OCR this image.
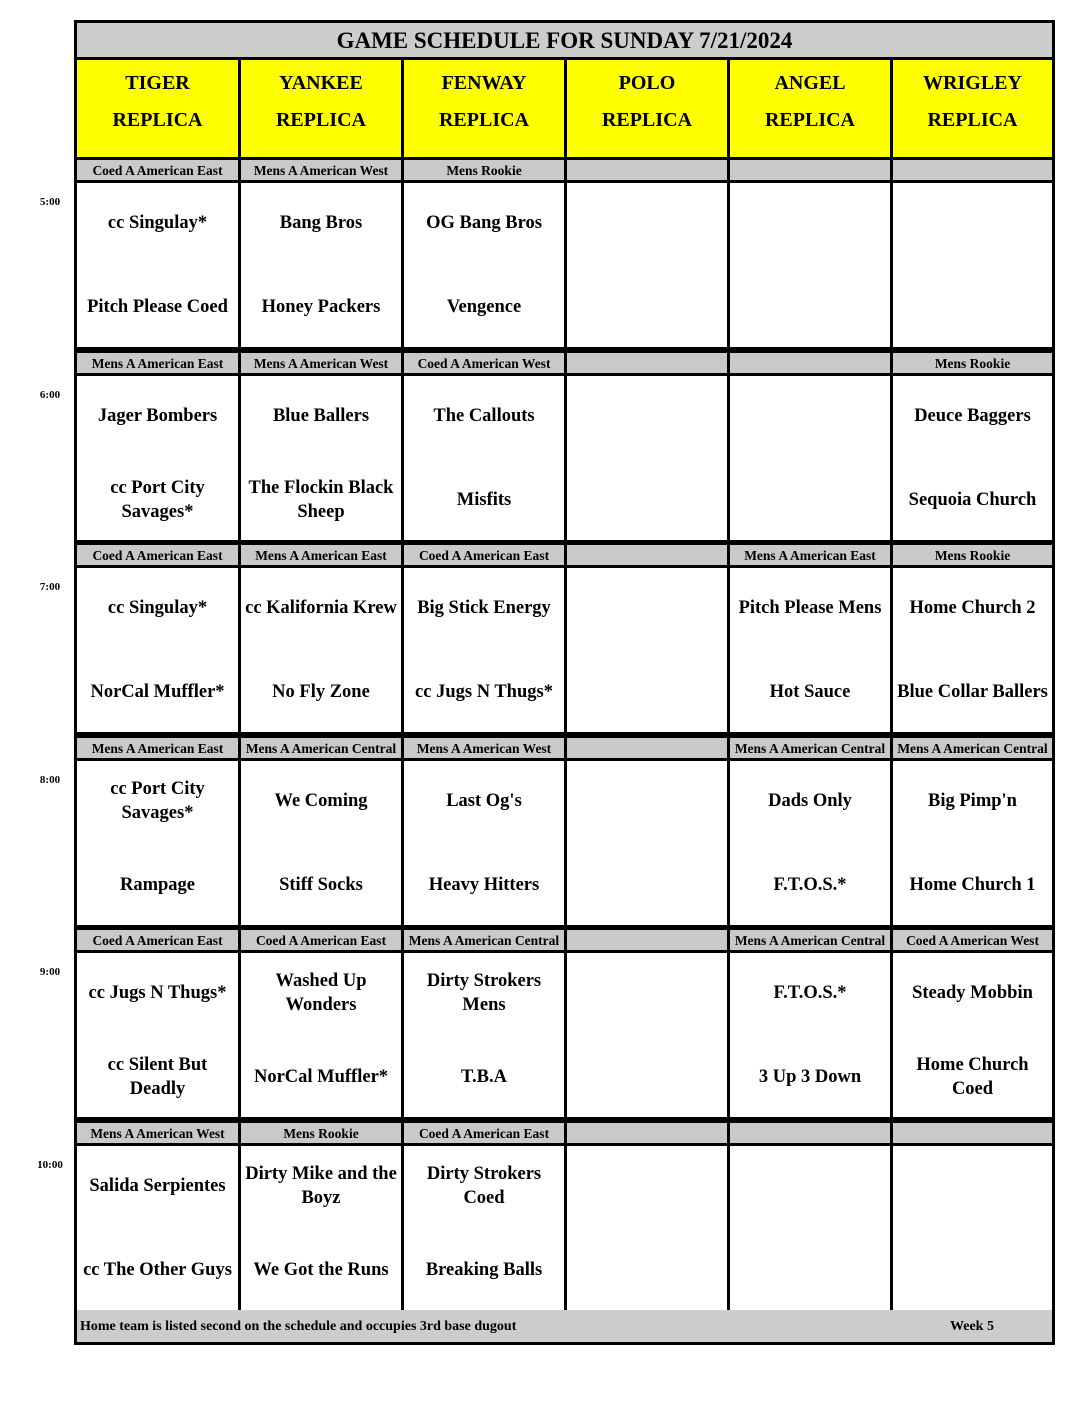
GAME SCHEDULE FOR SUNDAY 7/21/2024
TIGER
REPLICA
YANKEE
REPLICA
FENWAY
REPLICA
POLO
REPLICA
ANGEL
REPLICA
WRIGLEY
REPLICA
Coed A American East
cc Singulay*
Pitch Please Coed
Mens A American West
Bang Bros
Honey Packers
Mens Rookie
OG Bang Bros
Vengence
Mens A American East
Jager Bombers
cc Port City Savages*
Mens A American West
Blue Ballers
The Flockin Black Sheep
Coed A American West
The Callouts
Misfits
Mens Rookie
Deuce Baggers
Sequoia Church
Coed A American East
cc Singulay*
NorCal Muffler*
Mens A American East
cc Kalifornia Krew
No Fly Zone
Coed A American East
Big Stick Energy
cc Jugs N Thugs*
Mens A American East
Pitch Please Mens
Hot Sauce
Mens Rookie
Home Church 2
Blue Collar Ballers
Mens A American East
cc Port City Savages*
Rampage
Mens A American Central
We Coming
Stiff Socks
Mens A American West
Last Og's
Heavy Hitters
Mens A American Central
Dads Only
F.T.O.S.*
Mens A American Central
Big Pimp'n
Home Church 1
Coed A American East
cc Jugs N Thugs*
cc Silent But Deadly
Coed A American East
Washed Up Wonders
NorCal Muffler*
Mens A American Central
Dirty Strokers Mens
T.B.A
Mens A American Central
F.T.O.S.*
3 Up 3 Down
Coed A American West
Steady Mobbin
Home Church Coed
Mens A American West
Salida Serpientes
cc The Other Guys
Mens Rookie
Dirty Mike and the Boyz
We Got the Runs
Coed A American East
Dirty Strokers Coed
Breaking Balls
Home team is listed second on the schedule and occupies 3rd base dugout	Week 5
5:00
6:00
7:00
8:00
9:00
10:00
